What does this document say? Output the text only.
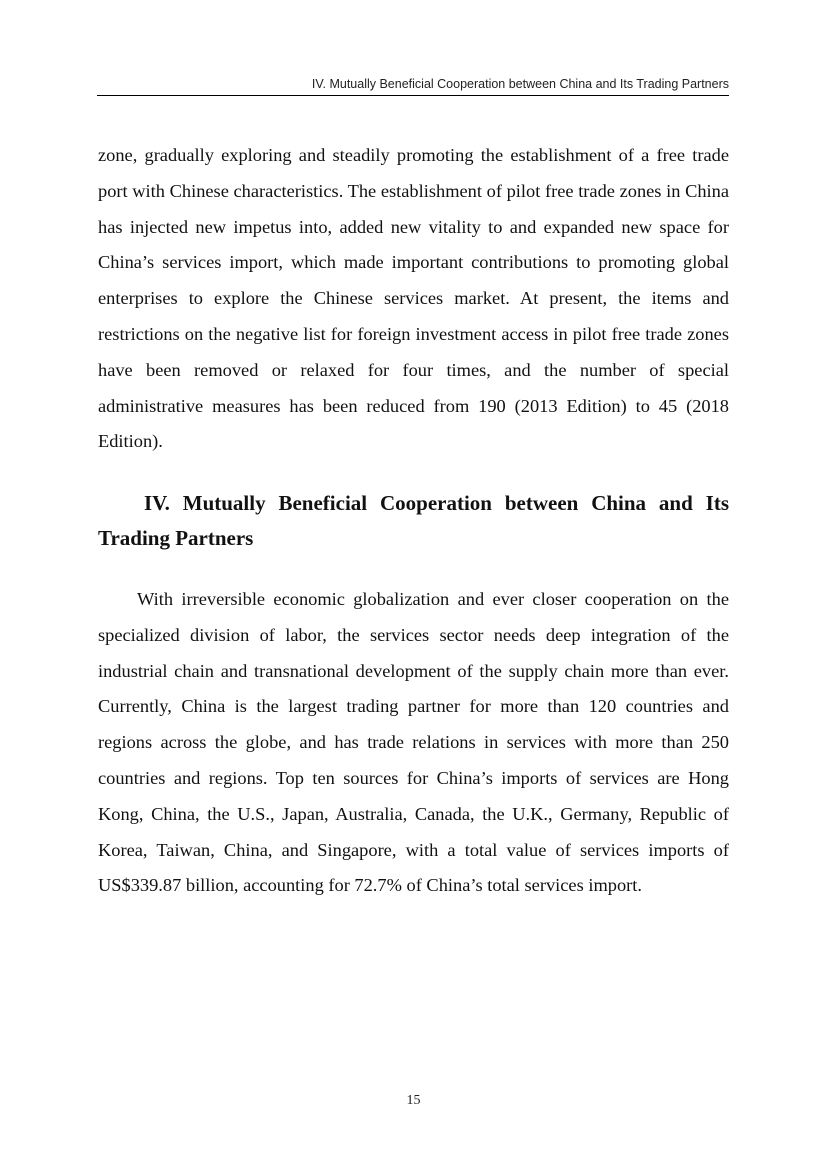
IV. Mutually Beneficial Cooperation between China and Its Trading Partners

zone, gradually exploring and steadily promoting the establishment of a free trade port with Chinese characteristics. The establishment of pilot free trade zones in China has injected new impetus into, added new vitality to and expanded new space for China’s services import, which made important contributions to promoting global enterprises to explore the Chinese services market. At present, the items and restrictions on the negative list for foreign investment access in pilot free trade zones have been removed or relaxed for four times, and the number of special administrative measures has been reduced from 190 (2013 Edition) to 45 (2018 Edition).

IV. Mutually Beneficial Cooperation between China and Its Trading Partners

With irreversible economic globalization and ever closer cooperation on the specialized division of labor, the services sector needs deep integration of the industrial chain and transnational development of the supply chain more than ever. Currently, China is the largest trading partner for more than 120 countries and regions across the globe, and has trade relations in services with more than 250 countries and regions. Top ten sources for China’s imports of services are Hong Kong, China, the U.S., Japan, Australia, Canada, the U.K., Germany, Republic of Korea, Taiwan, China, and Singapore, with a total value of services imports of US$339.87 billion, accounting for 72.7% of China’s total services import.

15
